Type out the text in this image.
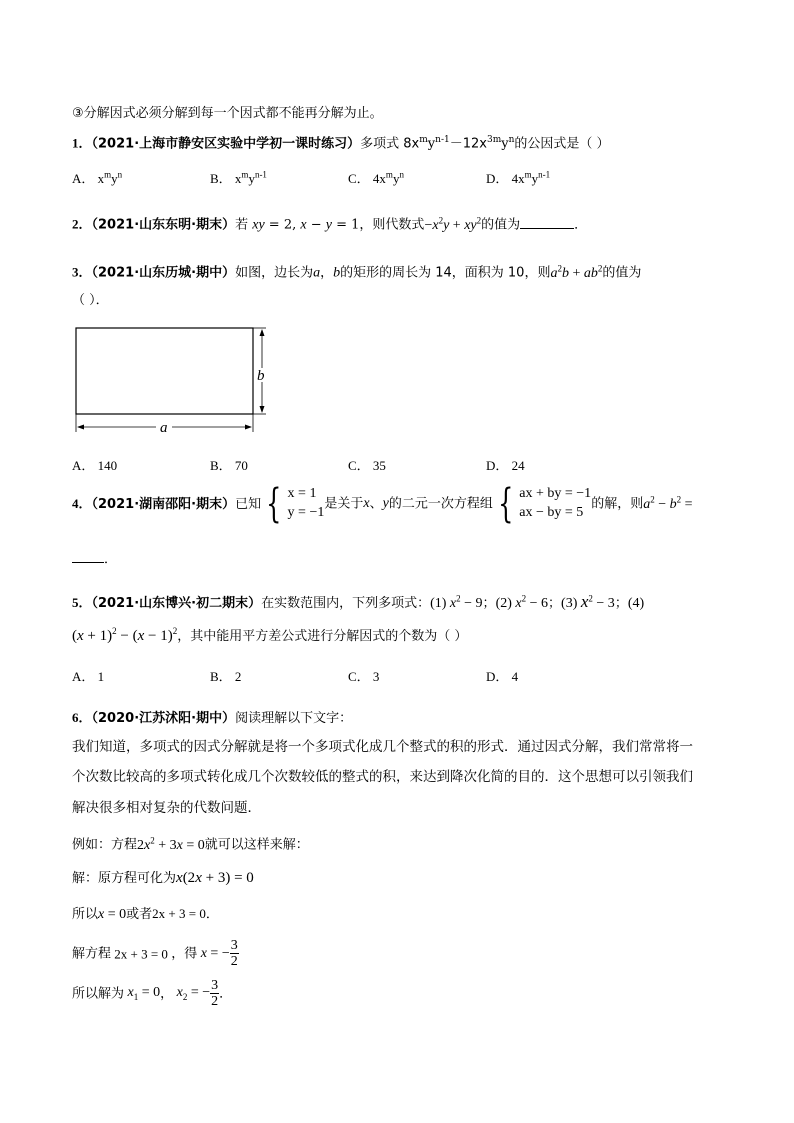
③分解因式必须分解到每一个因式都不能再分解为止。
1．（2021·上海市静安区实验中学初一课时练习）多项式 $8x^my^{n-1}-12x^{3m}y^n$的公因式是（ ）
A． $x^my^n$	B． $x^my^{n-1}$	C． $4x^my^n$	D． $4x^my^{n-1}$
2．（2021·山东东明·期末）若 xy = 2, x − y = 1，则代数式$-x^2y + xy^2$的值为	．
3．（2021·山东历城·期中）如图，边长为a，b的矩形的周长为 14，面积为 10，则$a^2b + ab^2$的值为
（ ）．
b
a
A． 140	B． 70	C． 35	D． 24
4．（2021·湖南邵阳·期末）已知 { x = 1
y = −1
是关于x、y的二元一次方程组 { ax + by = −1
ax − by = 5
的解，则$a^2 - b^2$ =
．
5．（2021·山东博兴·初二期末）在实数范围内，下列多项式：(1) $x^2 - 9$；(2) $x^2 - 6$；(3) $x^2 - 3$；(4)
$(x + 1)^2 - (x - 1)^2$，其中能用平方差公式进行分解因式的个数为（ ）
A． 1	B． 2	C． 3	D． 4
6．（2020·江苏沭阳·期中）阅读理解以下文字：
我们知道，多项式的因式分解就是将一个多项式化成几个整式的积的形式．通过因式分解，我们常常将一
个次数比较高的多项式转化成几个次数较低的整式的积，来达到降次化简的目的．这个思想可以引领我们
解决很多相对复杂的代数问题．
例如：方程$2x^2 + 3x = 0$就可以这样来解：
解：原方程可化为x(2x + 3) = 0
所以x = 0或者2x + 3 = 0．
解方程 2x + 3 = 0 ，得 x = − $\frac{3}{2}$
所以解为 $x_1 = 0$， $x_2$ = − $\frac{3}{2}$ ．
